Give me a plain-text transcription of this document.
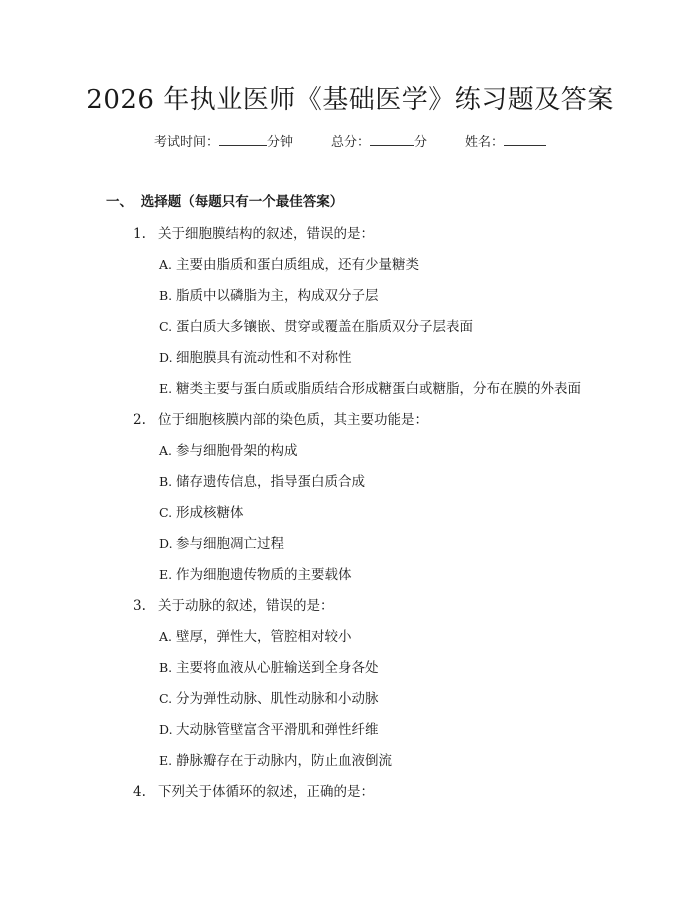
2026 年执业医师《基础医学》练习题及答案
考试时间：	分钟	总分：	分	姓名：
一、 选择题（每题只有一个最佳答案）
1. 关于细胞膜结构的叙述，错误的是：
A. 主要由脂质和蛋白质组成，还有少量糖类
B. 脂质中以磷脂为主，构成双分子层
C. 蛋白质大多镶嵌、贯穿或覆盖在脂质双分子层表面
D. 细胞膜具有流动性和不对称性
E. 糖类主要与蛋白质或脂质结合形成糖蛋白或糖脂，分布在膜的外表面
2. 位于细胞核膜内部的染色质，其主要功能是：
A. 参与细胞骨架的构成
B. 储存遗传信息，指导蛋白质合成
C. 形成核糖体
D. 参与细胞凋亡过程
E. 作为细胞遗传物质的主要载体
3. 关于动脉的叙述，错误的是：
A. 壁厚，弹性大，管腔相对较小
B. 主要将血液从心脏输送到全身各处
C. 分为弹性动脉、肌性动脉和小动脉
D. 大动脉管壁富含平滑肌和弹性纤维
E. 静脉瓣存在于动脉内，防止血液倒流
4. 下列关于体循环的叙述，正确的是：
